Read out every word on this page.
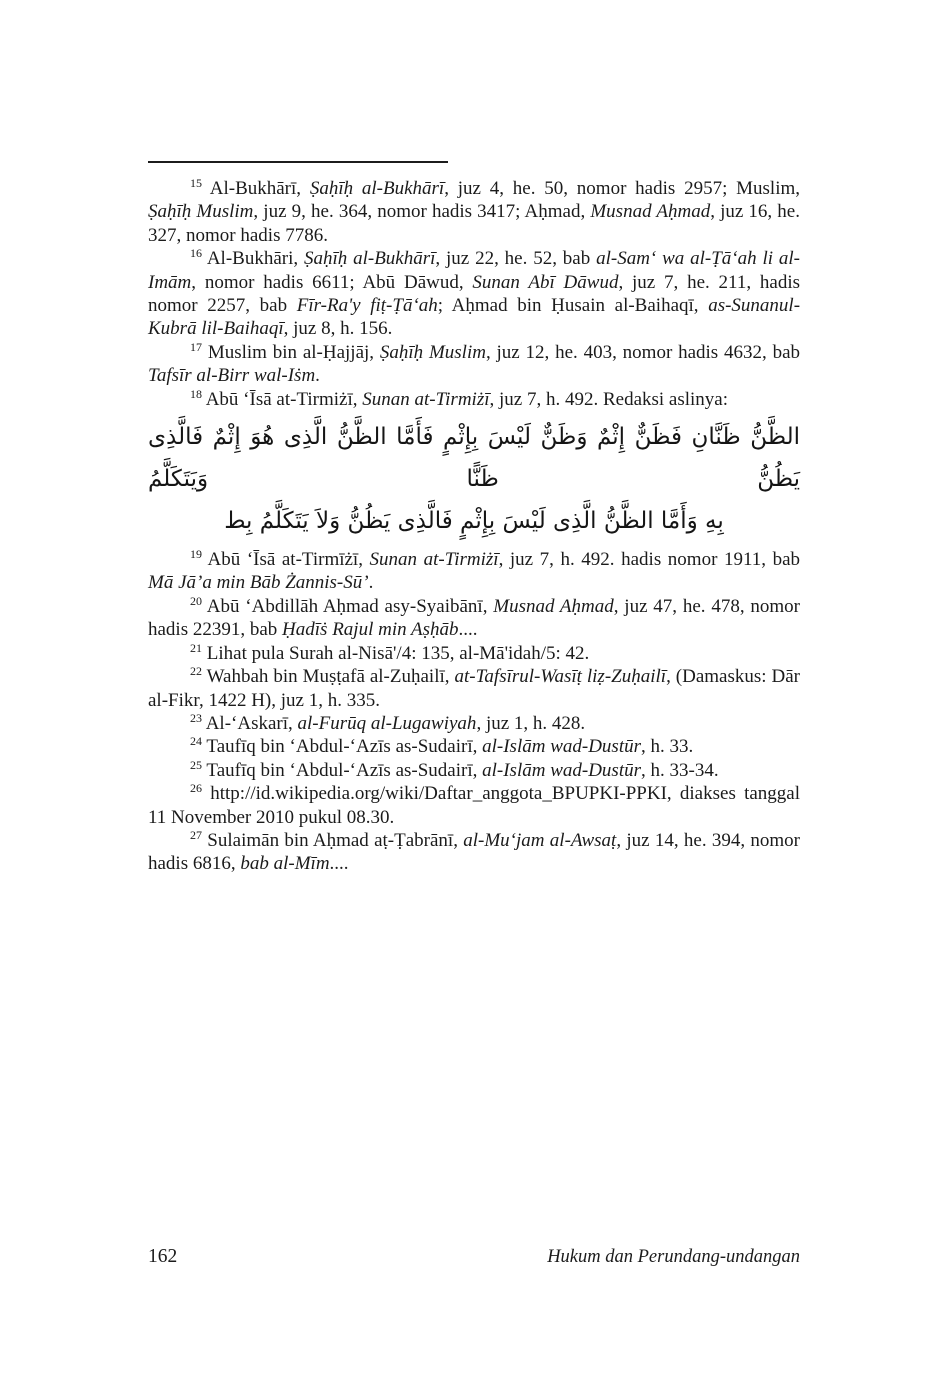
$^{15}$ Al-Bukhārī, Ṣaḥīḥ al-Bukhārī, juz 4, he. 50, nomor hadis 2957; Muslim, Ṣaḥīḥ Muslim, juz 9, he. 364, nomor hadis 3417; Aḥmad, Musnad Aḥmad, juz 16, he. 327, nomor hadis 7786.

$^{16}$ Al-Bukhāri, Ṣaḥīḥ al-Bukhārī, juz 22, he. 52, bab al-Sam‘ wa al-Ṭā‘ah li al-Imām, nomor hadis 6611; Abū Dāwud, Sunan Abī Dāwud, juz 7, he. 211, hadis nomor 2257, bab Fīr-Ra'y fiṭ-Ṭā‘ah; Aḥmad bin Ḥusain al-Baihaqī, as-Sunanul-Kubrā lil-Baihaqī, juz 8, h. 156.

$^{17}$ Muslim bin al-Ḥajjāj, Ṣaḥīḥ Muslim, juz 12, he. 403, nomor hadis 4632, bab Tafsīr al-Birr wal-Iṡm.

$^{18}$ Abū ‘Īsā at-Tirmiżī, Sunan at-Tirmiżī, juz 7, h. 492. Redaksi aslinya:

الظَّنُّ ظَنَّانِ فَظَنٌّ إِثْمٌ وَظَنٌّ لَيْسَ بِإِثْمٍ فَأَمَّا الظَّنُّ الَّذِى هُوَ إِثْمٌ فَالَّذِى يَظُنُّ ظَنًّا وَيَتَكَلَّمُ
بِهِ وَأَمَّا الظَّنُّ الَّذِى لَيْسَ بِإِثْمٍ فَالَّذِى يَظُنُّ وَلاَ يَتَكَلَّمُ بِط

$^{19}$ Abū ‘Īsā at-Tirmīżī, Sunan at-Tirmiżī, juz 7, h. 492. hadis nomor 1911, bab Mā Jā’a min Bāb Żannis-Sū’.

$^{20}$ Abū ‘Abdillāh Aḥmad asy-Syaibānī, Musnad Aḥmad, juz 47, he. 478, nomor hadis 22391, bab Ḥadīṡ Rajul min Aṣḥāb....

$^{21}$ Lihat pula Surah al-Nisā'/4: 135, al-Mā'idah/5: 42.

$^{22}$ Wahbah bin Muṣṭafā al-Zuḥailī, at-Tafsīrul-Wasīṭ liẓ-Zuḥailī, (Damaskus: Dār al-Fikr, 1422 H), juz 1, h. 335.

$^{23}$ Al-‘Askarī, al-Furūq al-Lugawiyah, juz 1, h. 428.

$^{24}$ Taufīq bin ‘Abdul-‘Azīs as-Sudairī, al-Islām wad-Dustūr, h. 33.

$^{25}$ Taufīq bin ‘Abdul-‘Azīs as-Sudairī, al-Islām wad-Dustūr, h. 33-34.

$^{26}$ http://id.wikipedia.org/wiki/Daftar_anggota_BPUPKI-PPKI, diakses tanggal 11 November 2010 pukul 08.30.

$^{27}$ Sulaimān bin Aḥmad aṭ-Ṭabrānī, al-Mu‘jam al-Awsaṭ, juz 14, he. 394, nomor hadis 6816, bab al-Mīm....

162	Hukum dan Perundang-undangan
